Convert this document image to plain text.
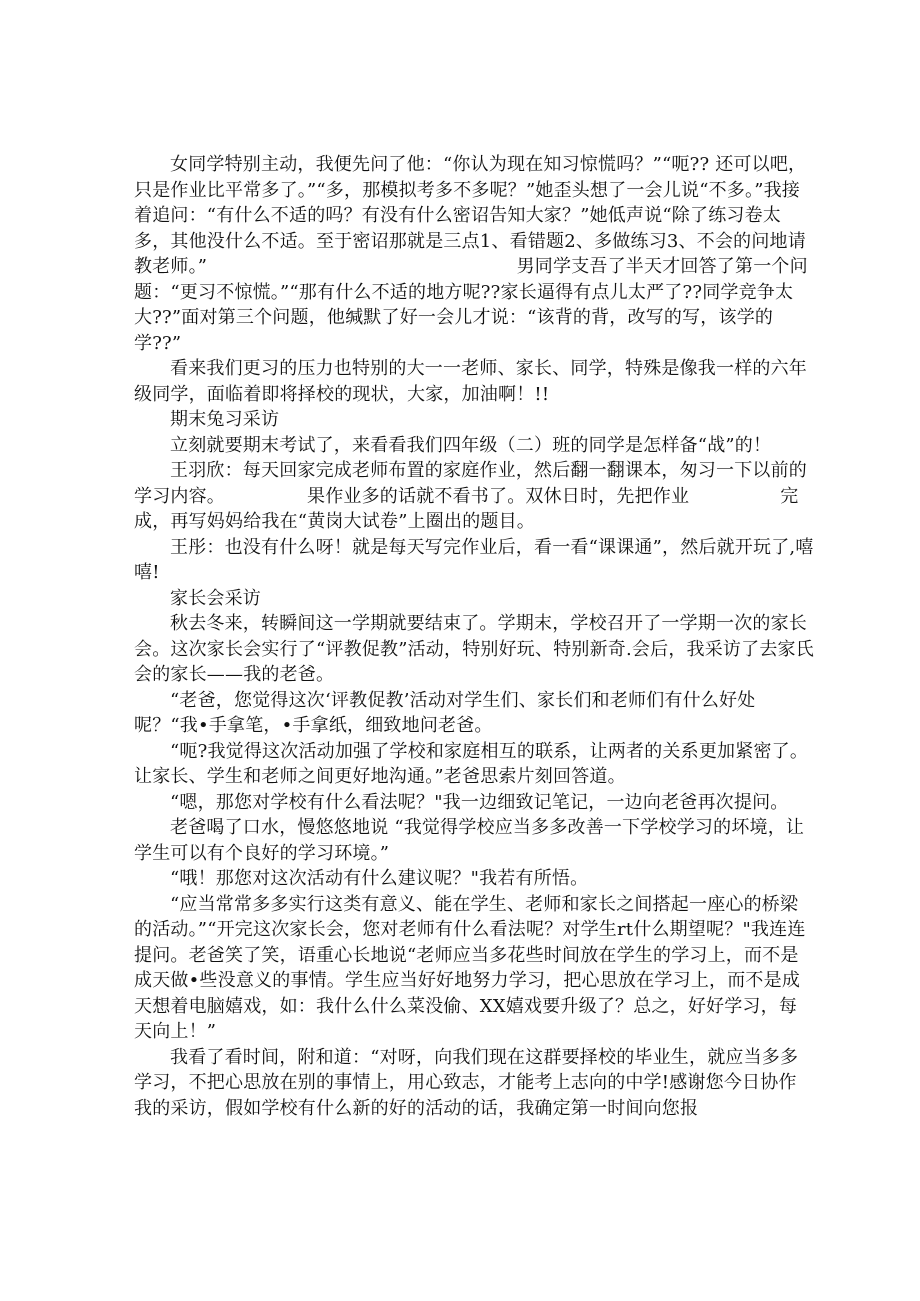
女同学特别主动，我便先问了他：“你认为现在知习惊慌吗？”“呃?? 还可以吧，只是作业比平常多了。”“多，那模拟考多不多呢？”她歪头想了一会儿说“不多。”我接着追问：“有什么不适的吗？有没有什么密诏告知大家？”她低声说“除了练习卷太多，其他没什么不适。至于密诏那就是三点1、看错题2、多做练习3、不会的问地请教老师。”　　　　　　　　　　　　　　　　　男同学支吾了半天才回答了第一个问题：“更习不惊慌。”“那有什么不适的地方呢??家长逼得有点儿太严了??同学竞争太大??”面对第三个问题，他缄默了好一会儿才说：“该背的背，改写的写，该学的学??”

看来我们更习的压力也特别的大一一老师、家长、同学，特殊是像我一样的六年级同学，面临着即将择校的现状，大家，加油啊！!!

期末兔习采访

立刻就要期末考试了，来看看我们四年级（二）班的同学是怎样备“战”的！

王羽欣：每天回家完成老师布置的家庭作业，然后翻一翻课本，匆习一下以前的学习内容。　　　　　果作业多的话就不看书了。双休日时，先把作业　　　　　完成，再写妈妈给我在“黄岗大试卷”上圈出的题目。

王彤：也没有什么呀！就是每天写完作业后，看一看“课课通”，然后就开玩了,嘻嘻!

家长会采访

秋去冬来，转瞬间这一学期就要结束了。学期末，学校召开了一学期一次的家长会。这次家长会实行了“评教促教”活动，特别好玩、特别新奇.会后，我采访了去家氏会的家长——我的老爸。

“老爸，您觉得这次‘评教促教’活动对学生们、家长们和老师们有什么好处呢？“我•手拿笔，•手拿纸，细致地问老爸。

“呃?我觉得这次活动加强了学校和家庭相互的联系，让两者的关系更加紧密了。让家长、学生和老师之间更好地沟通。”老爸思索片刻回答道。

“嗯，那您对学校有什么看法呢？"我一边细致记笔记，一边向老爸再次提问。

老爸喝了口水，慢悠悠地说 “我觉得学校应当多多改善一下学校学习的坏境，让学生可以有个良好的学习环境。”

“哦！那您对这次活动有什么建议呢？"我若有所悟。

“应当常常多多实行这类有意义、能在学生、老师和家长之间搭起一座心的桥梁的活动。”“开完这次家长会，您对老师有什么看法呢？对学生rt什么期望呢？"我连连提问。老爸笑了笑，语重心长地说“老师应当多花些时间放在学生的学习上，而不是成天做•些没意义的事情。学生应当好好地努力学习，把心思放在学习上，而不是成天想着电脑嬉戏，如：我什么什么菜没偷、XX嬉戏要升级了？总之，好好学习，每天向上！”

我看了看时间，附和道：“对呀，向我们现在这群要择校的毕业生，就应当多多学习，不把心思放在别的事情上，用心致志，才能考上志向的中学!感谢您今日协作我的采访，假如学校有什么新的好的活动的话，我确定第一时间向您报
